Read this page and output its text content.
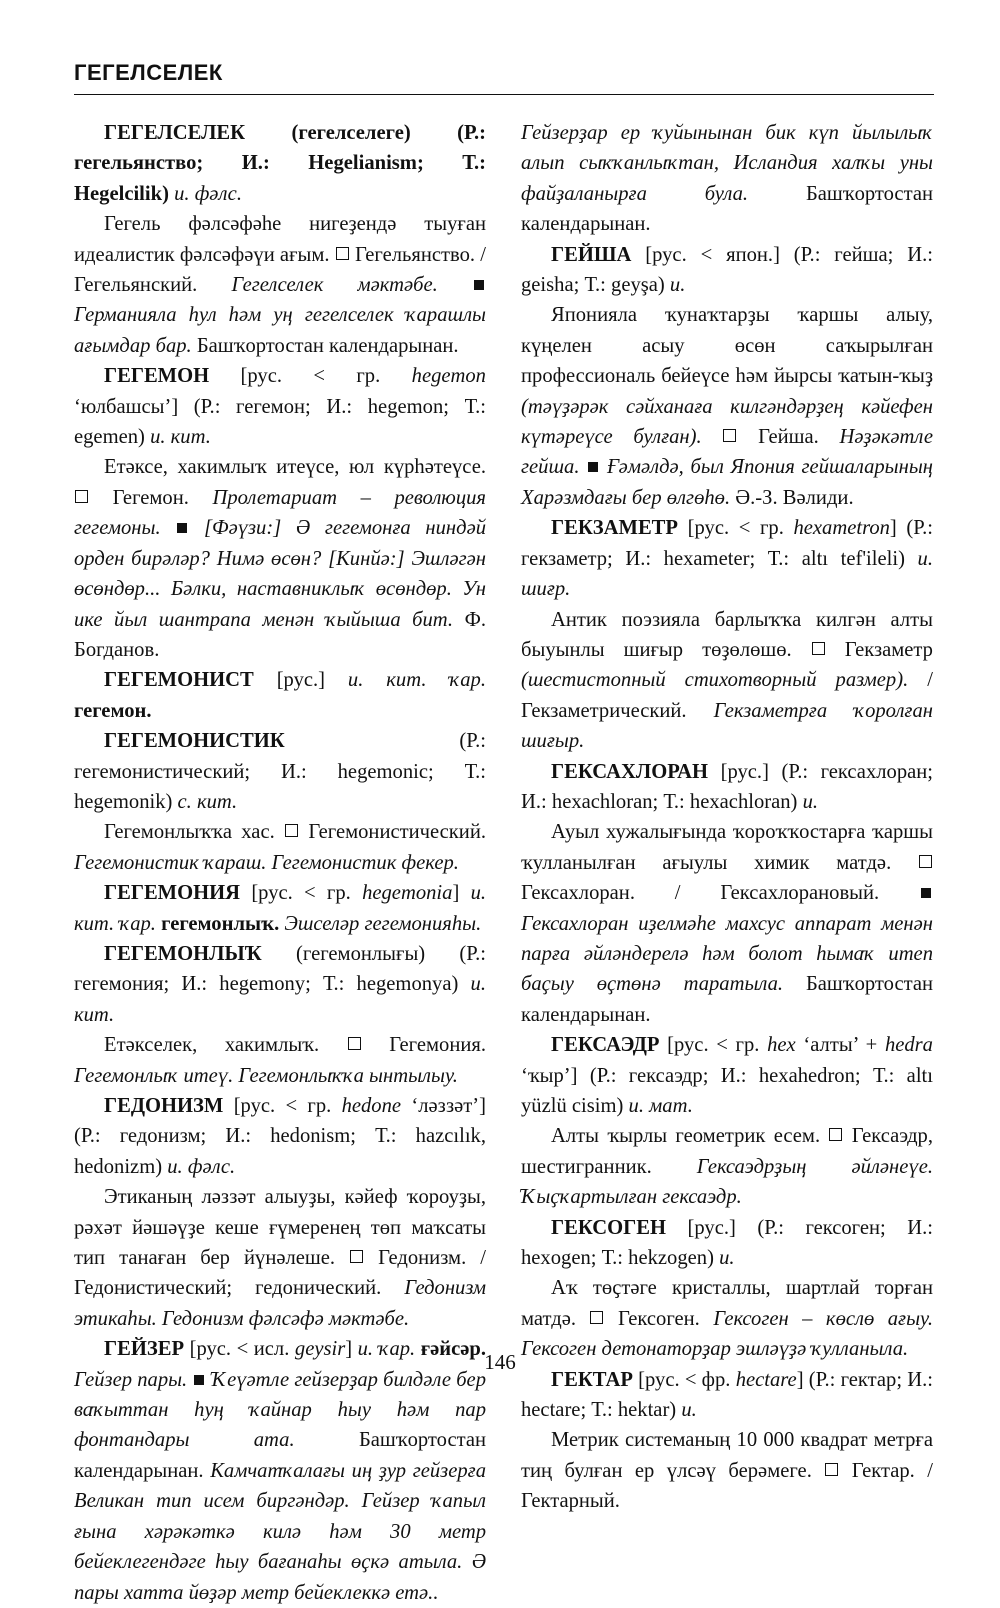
ГЕГЕЛСЕЛЕК

ГЕГЕЛСЕЛЕК (гегелселеге) (Р.: гегельянство; И.: Hegelianism; Т.: Hegelcilik) и. фәлс.

Гегель фәлсәфәһе нигеҙендә тыуған идеалистик фәлсәфәүи ағым. Гегельянство. / Гегельянский. Гегелселек мәктәбе.  Германияла һул һәм уң гегелселек ҡарашлы ағымдар бар. Башҡортостан календарынан.

ГЕГЕМОН [рус. < гр. hegemon ‘юлбашсы’] (Р.: гегемон; И.: hegemon; Т.: egemen) и. кит.

Етәксе, хакимлыҡ итеүсе, юл күрһәтеүсе.  Гегемон. Пролетариат – революция гегемоны. [Фәүзи:] Ә гегемонға ниндәй орден бирәләр? Нимә өсөн? [Кинйә:] Эшләгән өсөндөр... Бәлки, наставниклыҡ өсөндөр. Ун ике йыл шантрапа менән ҡыйыша бит. Ф. Богданов.

ГЕГЕМОНИСТ [рус.] и. кит. ҡар. гегемон.

ГЕГЕМОНИСТИК	(Р.: гегемонистический; И.: hegemonic; Т.: hegemonik) с. кит.

Гегемонлыҡҡа хас. Гегемонистический. Гегемонистик ҡараш. Гегемонистик фекер.

ГЕГЕМОНИЯ [рус. < гр. hegemonia] и. кит. ҡар. гегемонлыҡ. Эшселәр гегемонияһы.

ГЕГЕМОНЛЫҠ (гегемонлығы) (Р.: гегемония; И.: hegemony; Т.: hegemonya) и. кит.

Етәкселек, хакимлыҡ.	Гегемония. Гегемонлыҡ итеү. Гегемонлыҡҡа ынтылыу.

ГЕДОНИЗМ [рус. < гр. hedone ‘ләззәт’] (Р.: гедонизм; И.: hedonism; Т.: hazcılık, hedonizm) и. фәлс.

Этиканың ләззәт алыуҙы, кәйеф ҡороуҙы, рәхәт йәшәүҙе кеше ғүмеренең төп маҡсаты тип танаған бер йүнәлеше. Гедонизм. / Гедонистический; гедонический. Гедонизм этикаһы. Гедонизм фәлсәфә мәктәбе.

ГЕЙЗЕР [рус. < исл. geysir] и. ҡар. ғәйсәр. Гейзер пары. Ҡеүәтле гейзерҙар билдәле бер ваҡыттан һуң ҡайнар һыу һәм пар фонтандары ата.	Башҡортостан календарынан. Камчатҡалағы иң ҙур гейзерға Великан тип исем биргәндәр. Гейзер ҡапыл ғына хәрәкәткә килә һәм 30 метр бейеклегендәге һыу бағанаһы өҫкә атыла. Ә пары хатта йөҙәр метр бейеклеккә етә..

Гейзерҙар ер ҡуйынынан бик күп йылылыҡ алып сыҡҡанлыҡтан, Исландия халҡы уны файҙаланырға була.	Башҡортостан календарынан.

ГЕЙША [рус. < япон.] (Р.: гейша; И.: geisha; Т.: geyşa) и.

Японияла ҡунаҡтарҙы ҡаршы алыу, күңелен асыу өсөн саҡырылған профессиональ бейеүсе һәм йырсы ҡатын-ҡыҙ (тәүҙәрәк сәйханаға килгәндәрҙең кәйефен күтәреүсе булған).	Гейша. Нәҙәкәтле гейша. Ғәмәлдә, был Япония гейшаларының Харәзмдағы бер өлгөһө. Ә.-З. Вәлиди.

ГЕКЗАМЕТР [рус. < гр. hexametron] (Р.: гекзаметр; И.: hexameter; Т.: altı tef'ileli) и. шиғр.

Антик поэзияла барлыҡҡа килгән алты быуынлы шиғыр төҙөлөшө.	Гекзаметр (шестистопный стихотворный размер). / Гекзаметрический. Гекзаметрға ҡоролған шиғыр.

ГЕКСАХЛОРАН [рус.] (Р.: гексахлоран; И.: hexachloran; Т.: hexachloran) и.

Ауыл хужалығында ҡороҡҡостарға ҡаршы ҡулланылған ағыулы химик матдә.  Гексахлоран. / Гексахлорановый.  Гексахлоран иҙелмәһе махсус аппарат менән парға әйләндерелә һәм болот һымаҡ итеп баҫыу өҫтөнә таратыла. Башҡортостан календарынан.

ГЕКСАЭДР [рус. < гр. hex ‘алты’ + hedra ‘ҡыр’] (Р.: гексаэдр; И.: hexahedron; Т.: altı yüzlü cisim) и. мат.

Алты ҡырлы геометрик есем. Гексаэдр, шестигранник. Гексаэдрҙың әйләнеүе. Ҡыҫҡартылған гексаэдр.

ГЕКСОГЕН [рус.] (Р.: гексоген; И.: hexogen; Т.: hekzogen) и.

Аҡ төҫтәге кристаллы, шартлай торған матдә. Гексоген. Гексоген – көслө ағыу. Гексоген детонаторҙар эшләүҙә ҡулланыла.

ГЕКТАР [рус. < фр. hectare] (Р.: гектар; И.: hectare; Т.: hektar) и.

Метрик системаның 10 000 квадрат метрға тиң булған ер үлсәү берәмеге. Гектар. / Гектарный.

146
